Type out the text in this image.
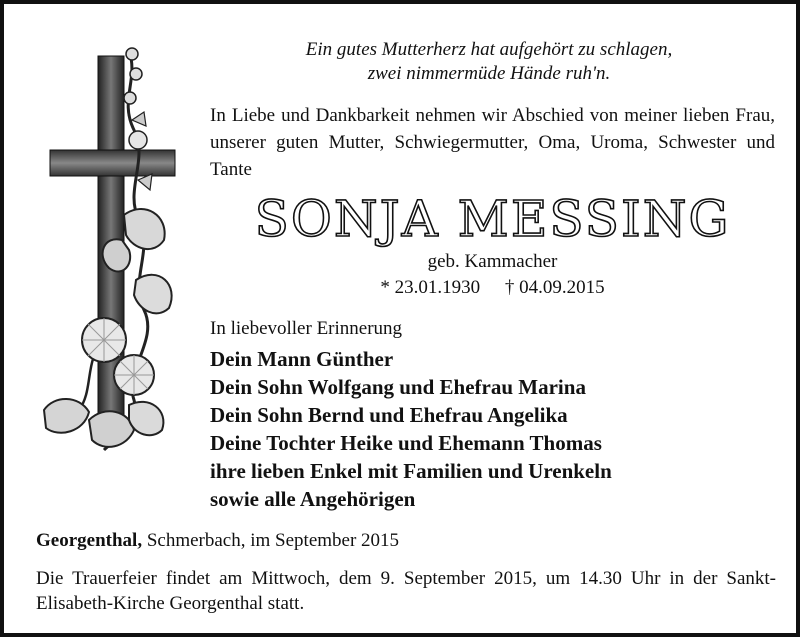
Ein gutes Mutterherz hat aufgehört zu schlagen,
zwei nimmermüde Hände ruh'n.
In Liebe und Dankbarkeit nehmen wir Abschied von meiner lieben Frau, unserer guten Mutter, Schwiegermutter, Oma, Uroma, Schwester und Tante
SONJA MESSING
geb. Kammacher
* 23.01.1930 † 04.09.2015
In liebevoller Erinnerung
Dein Mann Günther
Dein Sohn Wolfgang und Ehefrau Marina
Dein Sohn Bernd und Ehefrau Angelika
Deine Tochter Heike und Ehemann Thomas
ihre lieben Enkel mit Familien und Urenkeln
sowie alle Angehörigen
Georgenthal, Schmerbach, im September 2015
Die Trauerfeier findet am Mittwoch, dem 9. September 2015, um 14.30 Uhr in der Sankt-Elisabeth-Kirche Georgenthal statt.
